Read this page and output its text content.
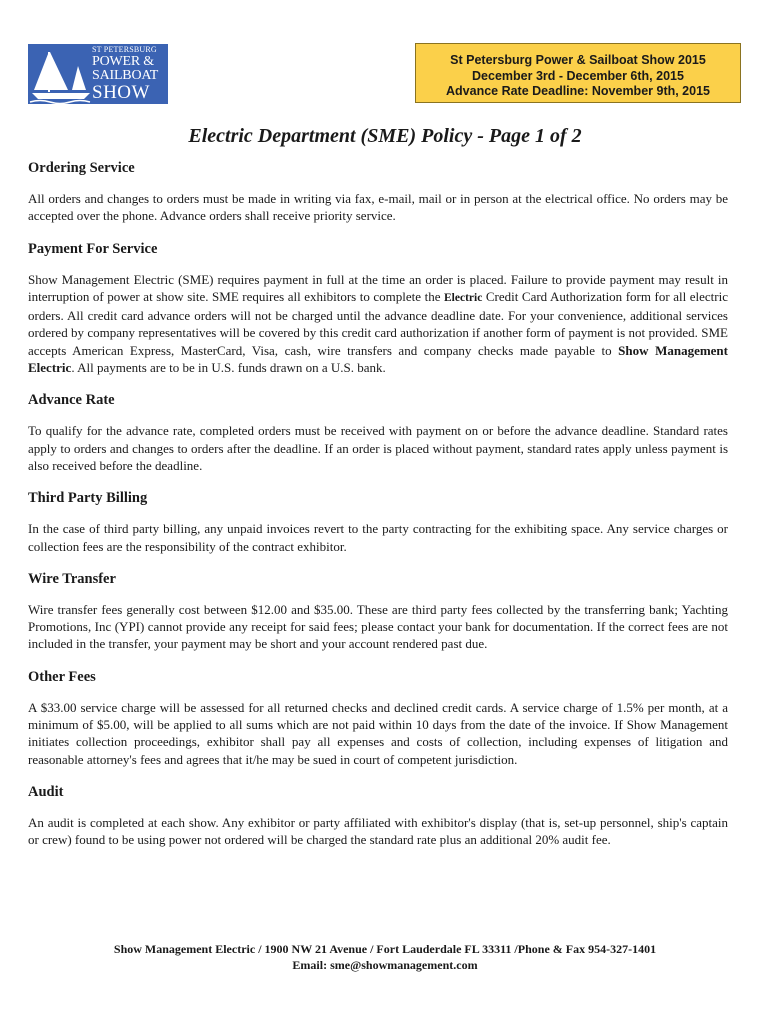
ST PETERSBURG
POWER &
SAILBOAT
SHOW
St Petersburg Power & Sailboat Show 2015
December 3rd - December 6th, 2015
Advance Rate Deadline: November 9th, 2015
Electric Department (SME) Policy - Page 1 of 2
Ordering Service

All orders and changes to orders must be made in writing via fax, e-mail, mail or in person at the electrical office. No orders may be accepted over the phone. Advance orders shall receive priority service.

Payment For Service

Show Management Electric (SME) requires payment in full at the time an order is placed. Failure to provide payment may result in interruption of power at show site. SME requires all exhibitors to complete the Electric Credit Card Authorization form for all electric orders. All credit card advance orders will not be charged until the advance deadline date. For your convenience, additional services ordered by company representatives will be covered by this credit card authorization if another form of payment is not provided. SME accepts American Express, MasterCard, Visa, cash, wire transfers and company checks made payable to Show Management Electric. All payments are to be in U.S. funds drawn on a U.S. bank.

Advance Rate

To qualify for the advance rate, completed orders must be received with payment on or before the advance deadline. Standard rates apply to orders and changes to orders after the deadline. If an order is placed without payment, standard rates apply unless payment is also received before the deadline.

Third Party Billing

In the case of third party billing, any unpaid invoices revert to the party contracting for the exhibiting space. Any service charges or collection fees are the responsibility of the contract exhibitor.

Wire Transfer

Wire transfer fees generally cost between $12.00 and $35.00. These are third party fees collected by the transferring bank; Yachting Promotions, Inc (YPI) cannot provide any receipt for said fees; please contact your bank for documentation. If the correct fees are not included in the transfer, your payment may be short and your account rendered past due.

Other Fees

A $33.00 service charge will be assessed for all returned checks and declined credit cards. A service charge of 1.5% per month, at a minimum of $5.00, will be applied to all sums which are not paid within 10 days from the date of the invoice. If Show Management initiates collection proceedings, exhibitor shall pay all expenses and costs of collection, including expenses of litigation and reasonable attorney's fees and agrees that it/he may be sued in court of competent jurisdiction.

Audit

An audit is completed at each show. Any exhibitor or party affiliated with exhibitor's display (that is, set-up personnel, ship's captain or crew) found to be using power not ordered will be charged the standard rate plus an additional 20% audit fee.

Show Management Electric / 1900 NW 21 Avenue / Fort Lauderdale FL 33311 /Phone & Fax 954-327-1401
Email: sme@showmanagement.com
